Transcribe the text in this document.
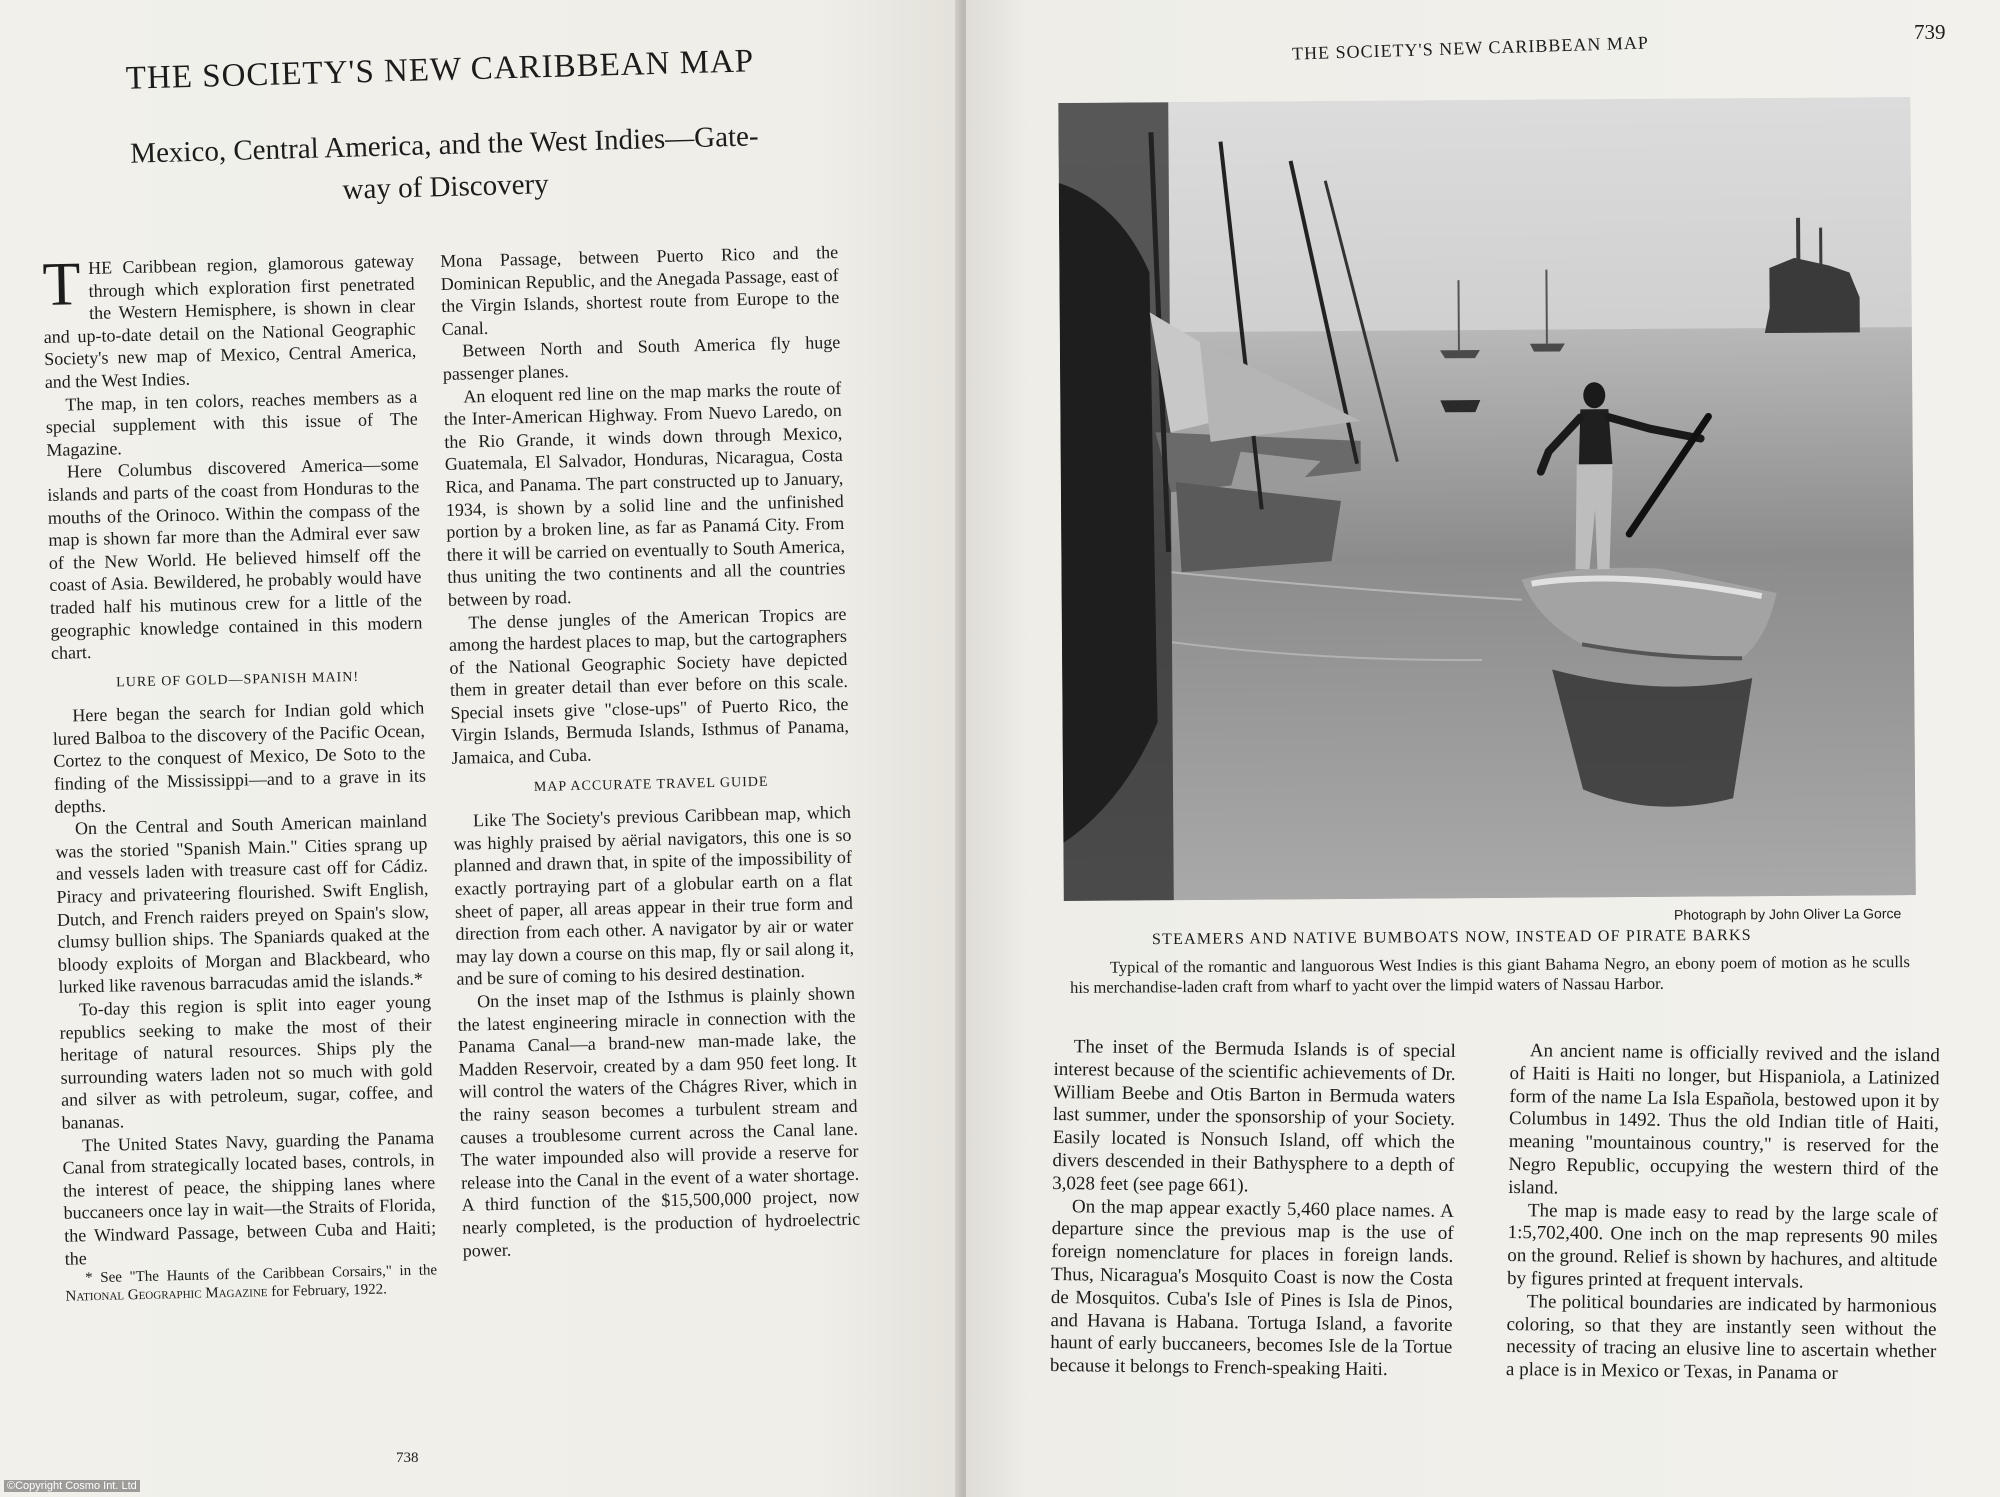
THE SOCIETY'S NEW CARIBBEAN MAP
Mexico, Central America, and the West Indies—Gate-
way of Discovery

THE Caribbean region, glamorous gateway through which exploration first penetrated the Western Hemisphere, is shown in clear and up-to-date detail on the National Geographic Society's new map of Mexico, Central America, and the West Indies.

The map, in ten colors, reaches members as a special supplement with this issue of The Magazine.

Here Columbus discovered America—some islands and parts of the coast from Honduras to the mouths of the Orinoco. Within the compass of the map is shown far more than the Admiral ever saw of the New World. He believed himself off the coast of Asia. Bewildered, he probably would have traded half his mutinous crew for a little of the geographic knowledge contained in this modern chart.

LURE OF GOLD—SPANISH MAIN!

Here began the search for Indian gold which lured Balboa to the discovery of the Pacific Ocean, Cortez to the conquest of Mexico, De Soto to the finding of the Mississippi—and to a grave in its depths.

On the Central and South American mainland was the storied "Spanish Main." Cities sprang up and vessels laden with treasure cast off for Cádiz. Piracy and privateering flourished. Swift English, Dutch, and French raiders preyed on Spain's slow, clumsy bullion ships. The Spaniards quaked at the bloody exploits of Morgan and Blackbeard, who lurked like ravenous barracudas amid the islands.*

To-day this region is split into eager young republics seeking to make the most of their heritage of natural resources. Ships ply the surrounding waters laden not so much with gold and silver as with petroleum, sugar, coffee, and bananas.

The United States Navy, guarding the Panama Canal from strategically located bases, controls, in the interest of peace, the shipping lanes where buccaneers once lay in wait—the Straits of Florida, the Windward Passage, between Cuba and Haiti; the

* See "The Haunts of the Caribbean Corsairs," in the National Geographic Magazine for February, 1922.

Mona Passage, between Puerto Rico and the Dominican Republic, and the Anegada Passage, east of the Virgin Islands, shortest route from Europe to the Canal.

Between North and South America fly huge passenger planes.

An eloquent red line on the map marks the route of the Inter-American Highway. From Nuevo Laredo, on the Rio Grande, it winds down through Mexico, Guatemala, El Salvador, Honduras, Nicaragua, Costa Rica, and Panama. The part constructed up to January, 1934, is shown by a solid line and the unfinished portion by a broken line, as far as Panamá City. From there it will be carried on eventually to South America, thus uniting the two continents and all the countries between by road.

The dense jungles of the American Tropics are among the hardest places to map, but the cartographers of the National Geographic Society have depicted them in greater detail than ever before on this scale. Special insets give "close-ups" of Puerto Rico, the Virgin Islands, Bermuda Islands, Isthmus of Panama, Jamaica, and Cuba.

MAP ACCURATE TRAVEL GUIDE

Like The Society's previous Caribbean map, which was highly praised by aërial navigators, this one is so planned and drawn that, in spite of the impossibility of exactly portraying part of a globular earth on a flat sheet of paper, all areas appear in their true form and direction from each other. A navigator by air or water may lay down a course on this map, fly or sail along it, and be sure of coming to his desired destination.

On the inset map of the Isthmus is plainly shown the latest engineering miracle in connection with the Panama Canal—a brand-new man-made lake, the Madden Reservoir, created by a dam 950 feet long. It will control the waters of the Chágres River, which in the rainy season becomes a turbulent stream and causes a troublesome current across the Canal lane. The water impounded also will provide a reserve for release into the Canal in the event of a water shortage. A third function of the $15,500,000 project, now nearly completed, is the production of hydroelectric power.

738
©Copyright Cosmo Int. Ltd
THE SOCIETY'S NEW CARIBBEAN MAP
739
Photograph by John Oliver La Gorce
STEAMERS AND NATIVE BUMBOATS NOW, INSTEAD OF PIRATE BARKS
Typical of the romantic and languorous West Indies is this giant Bahama Negro, an ebony poem of motion as he sculls his merchandise-laden craft from wharf to yacht over the limpid waters of Nassau Harbor.

The inset of the Bermuda Islands is of special interest because of the scientific achievements of Dr. William Beebe and Otis Barton in Bermuda waters last summer, under the sponsorship of your Society. Easily located is Nonsuch Island, off which the divers descended in their Bathysphere to a depth of 3,028 feet (see page 661).

On the map appear exactly 5,460 place names. A departure since the previous map is the use of foreign nomenclature for places in foreign lands. Thus, Nicaragua's Mosquito Coast is now the Costa de Mosquitos. Cuba's Isle of Pines is Isla de Pinos, and Havana is Habana. Tortuga Island, a favorite haunt of early buccaneers, becomes Isle de la Tortue because it belongs to French-speaking Haiti.

An ancient name is officially revived and the island of Haiti is Haiti no longer, but Hispaniola, a Latinized form of the name La Isla Española, bestowed upon it by Columbus in 1492. Thus the old Indian title of Haiti, meaning "mountainous country," is reserved for the Negro Republic, occupying the western third of the island.

The map is made easy to read by the large scale of 1:5,702,400. One inch on the map represents 90 miles on the ground. Relief is shown by hachures, and altitude by figures printed at frequent intervals.

The political boundaries are indicated by harmonious coloring, so that they are instantly seen without the necessity of tracing an elusive line to ascertain whether a place is in Mexico or Texas, in Panama or
